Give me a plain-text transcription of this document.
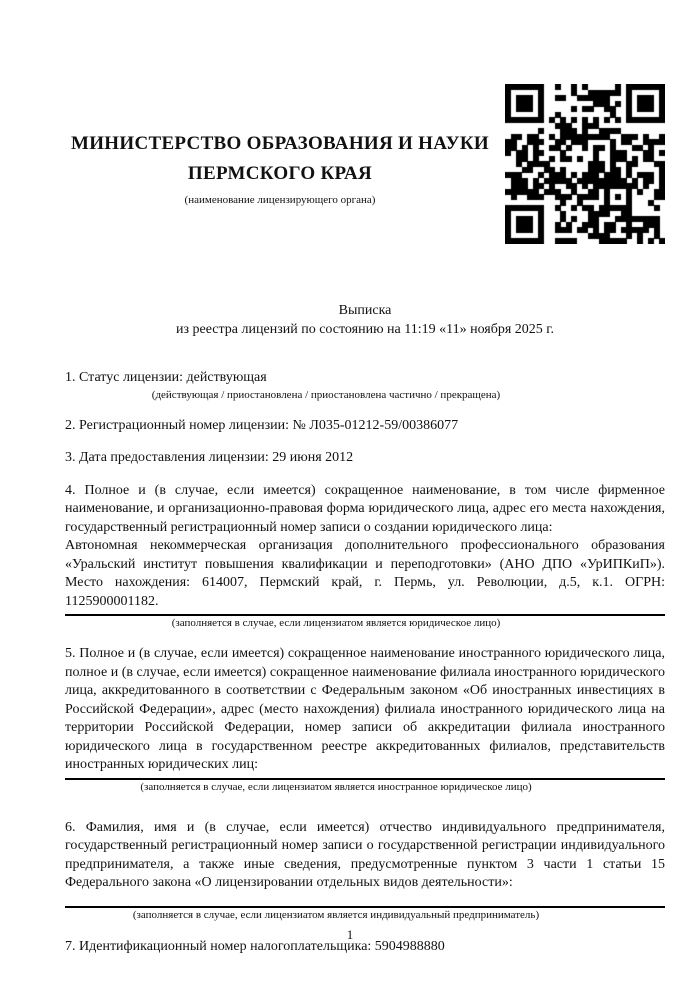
МИНИСТЕРСТВО ОБРАЗОВАНИЯ И НАУКИ

ПЕРМСКОГО КРАЯ

(наименование лицензирующего органа)

Выписка

из реестра лицензий по состоянию на 11:19 «11» ноября 2025 г.

1. Статус лицензии: действующая

(действующая / приостановлена / приостановлена частично / прекращена)

2. Регистрационный номер лицензии: № Л035-01212-59/00386077

3. Дата предоставления лицензии: 29 июня 2012

4. Полное и (в случае, если имеется) сокращенное наименование, в том числе фирменное наименование, и организационно-правовая форма юридического лица, адрес его места нахождения, государственный регистрационный номер записи о создании юридического лица:

Автономная некоммерческая организация дополнительного профессионального образования «Уральский институт повышения квалификации и переподготовки» (АНО ДПО «УрИПКиП»). Место нахождения: 614007, Пермский край, г. Пермь, ул. Революции, д.5, к.1. ОГРН: 1125900001182.

(заполняется в случае, если лицензиатом является юридическое лицо)

5. Полное и (в случае, если имеется) сокращенное наименование иностранного юридического лица, полное и (в случае, если имеется) сокращенное наименование филиала иностранного юридического лица, аккредитованного в соответствии с Федеральным законом «Об иностранных инвестициях в Российской Федерации», адрес (место нахождения) филиала иностранного юридического лица на территории Российской Федерации, номер записи об аккредитации филиала иностранного юридического лица в государственном реестре аккредитованных филиалов, представительств иностранных юридических лиц:

(заполняется в случае, если лицензиатом является иностранное юридическое лицо)

6. Фамилия, имя и (в случае, если имеется) отчество индивидуального предпринимателя, государственный регистрационный номер записи о государственной регистрации индивидуального предпринимателя, а также иные сведения, предусмотренные пунктом 3 части 1 статьи 15 Федерального закона «О лицензировании отдельных видов деятельности»:

(заполняется в случае, если лицензиатом является индивидуальный предприниматель)

7. Идентификационный номер налогоплательщика: 5904988880

1
